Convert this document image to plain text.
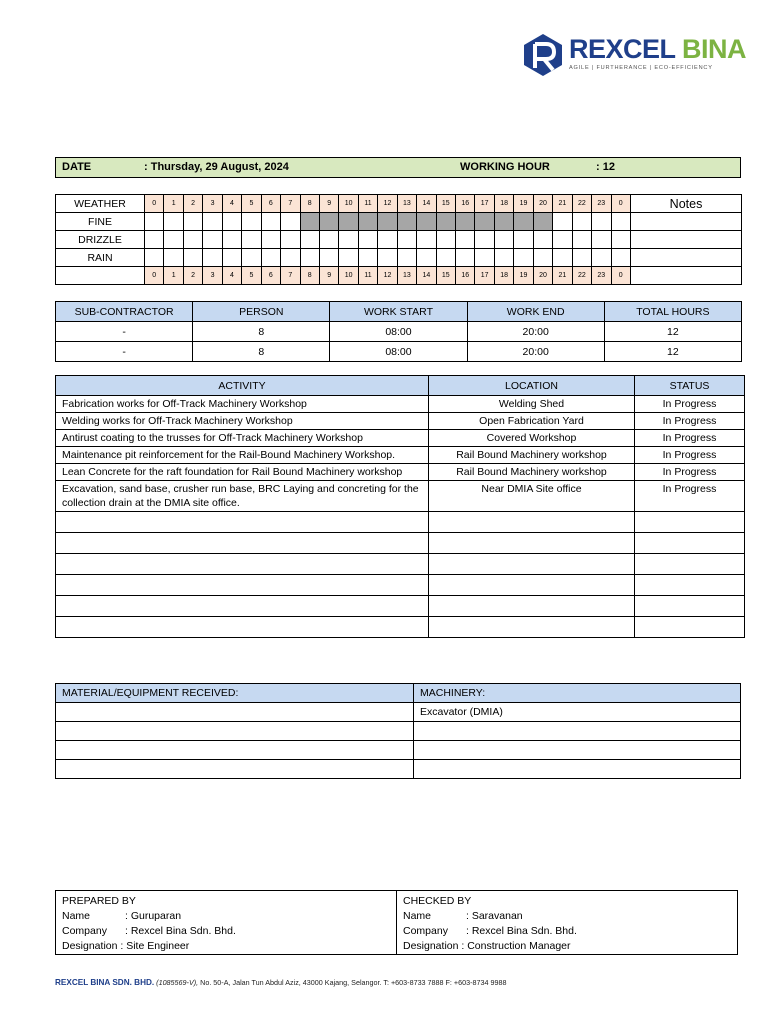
REXCEL BINA
AGILE | FURTHERANCE | ECO-EFFICIENCY
DATE	: Thursday, 29 August, 2024	WORKING HOUR	: 12
WEATHER	0	1	2	3	4	5	6	7	8	9	10	11	12	13	14	15	16	17	18	19	20	21	22	23	0	Notes
FINE																										
DRIZZLE																										
RAIN																										
	0	1	2	3	4	5	6	7	8	9	10	11	12	13	14	15	16	17	18	19	20	21	22	23	0	
SUB-CONTRACTOR	PERSON	WORK START	WORK END	TOTAL HOURS
-	8	08:00	20:00	12
-	8	08:00	20:00	12
ACTIVITY	LOCATION	STATUS
Fabrication works for Off-Track Machinery Workshop	Welding Shed	In Progress
Welding works for Off-Track Machinery Workshop	Open Fabrication Yard	In Progress
Antirust coating to the trusses for Off-Track Machinery Workshop	Covered Workshop	In Progress
Maintenance pit reinforcement for the Rail-Bound Machinery Workshop.	Rail Bound Machinery workshop	In Progress
Lean Concrete for the raft foundation for Rail Bound Machinery workshop	Rail Bound Machinery workshop	In Progress
Excavation, sand base, crusher run base, BRC Laying and concreting for the collection drain at the DMIA site office.	Near DMIA Site office	In Progress

MATERIAL/EQUIPMENT RECEIVED:	MACHINERY:
	Excavator (DMIA)

PREPARED BY
Name	: Guruparan
Company : Rexcel Bina Sdn. Bhd.
Designation : Site Engineer
CHECKED BY
Name	: Saravanan
Company : Rexcel Bina Sdn. Bhd.
Designation : Construction Manager
REXCEL BINA SDN. BHD. (1085569-V), No. 50-A, Jalan Tun Abdul Aziz, 43000 Kajang, Selangor. T: +603-8733 7888 F: +603-8734 9988
